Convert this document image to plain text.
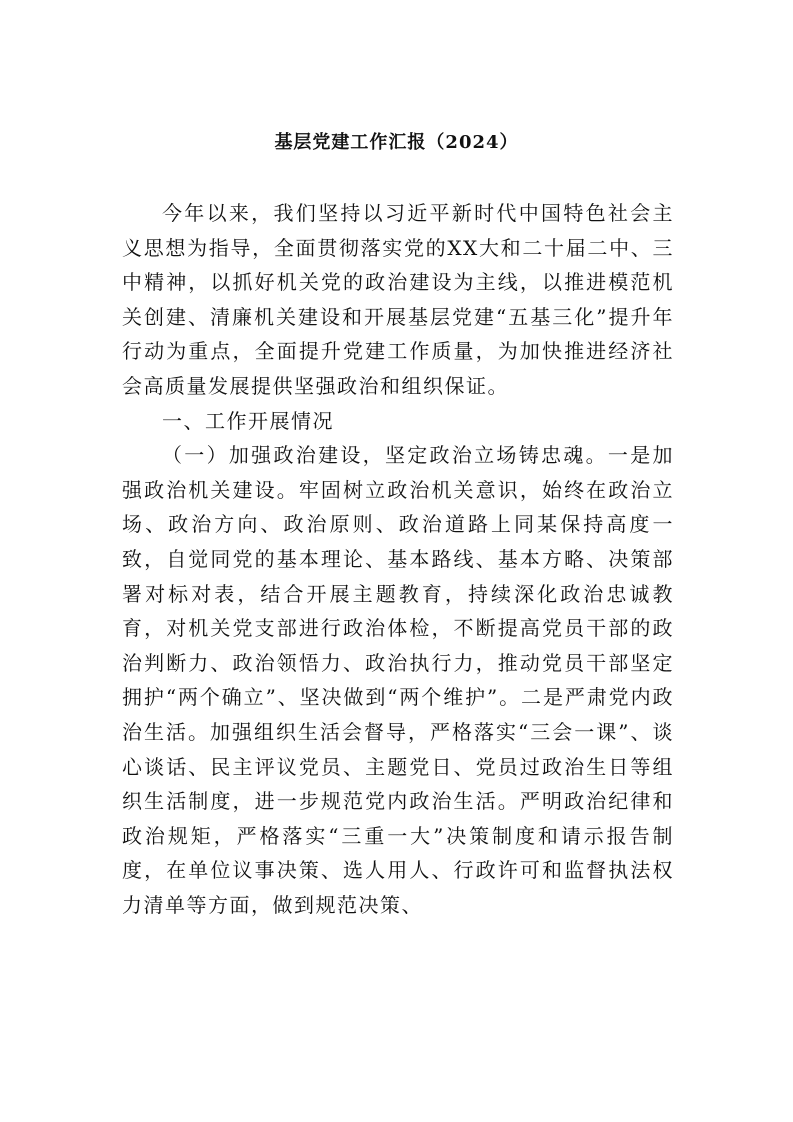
基层党建工作汇报（2024）

今年以来，我们坚持以习近平新时代中国特色社会主义思想为指导，全面贯彻落实党的XX大和二十届二中、三中精神，以抓好机关党的政治建设为主线，以推进模范机关创建、清廉机关建设和开展基层党建“五基三化”提升年行动为重点，全面提升党建工作质量，为加快推进经济社会高质量发展提供坚强政治和组织保证。

一、工作开展情况

（一）加强政治建设，坚定政治立场铸忠魂。一是加强政治机关建设。牢固树立政治机关意识，始终在政治立场、政治方向、政治原则、政治道路上同某保持高度一致，自觉同党的基本理论、基本路线、基本方略、决策部署对标对表，结合开展主题教育，持续深化政治忠诚教育，对机关党支部进行政治体检，不断提高党员干部的政治判断力、政治领悟力、政治执行力，推动党员干部坚定拥护“两个确立”、坚决做到“两个维护”。二是严肃党内政治生活。加强组织生活会督导，严格落实“三会一课”、谈心谈话、民主评议党员、主题党日、党员过政治生日等组织生活制度，进一步规范党内政治生活。严明政治纪律和政治规矩，严格落实“三重一大”决策制度和请示报告制度，在单位议事决策、选人用人、行政许可和监督执法权力清单等方面，做到规范决策、
